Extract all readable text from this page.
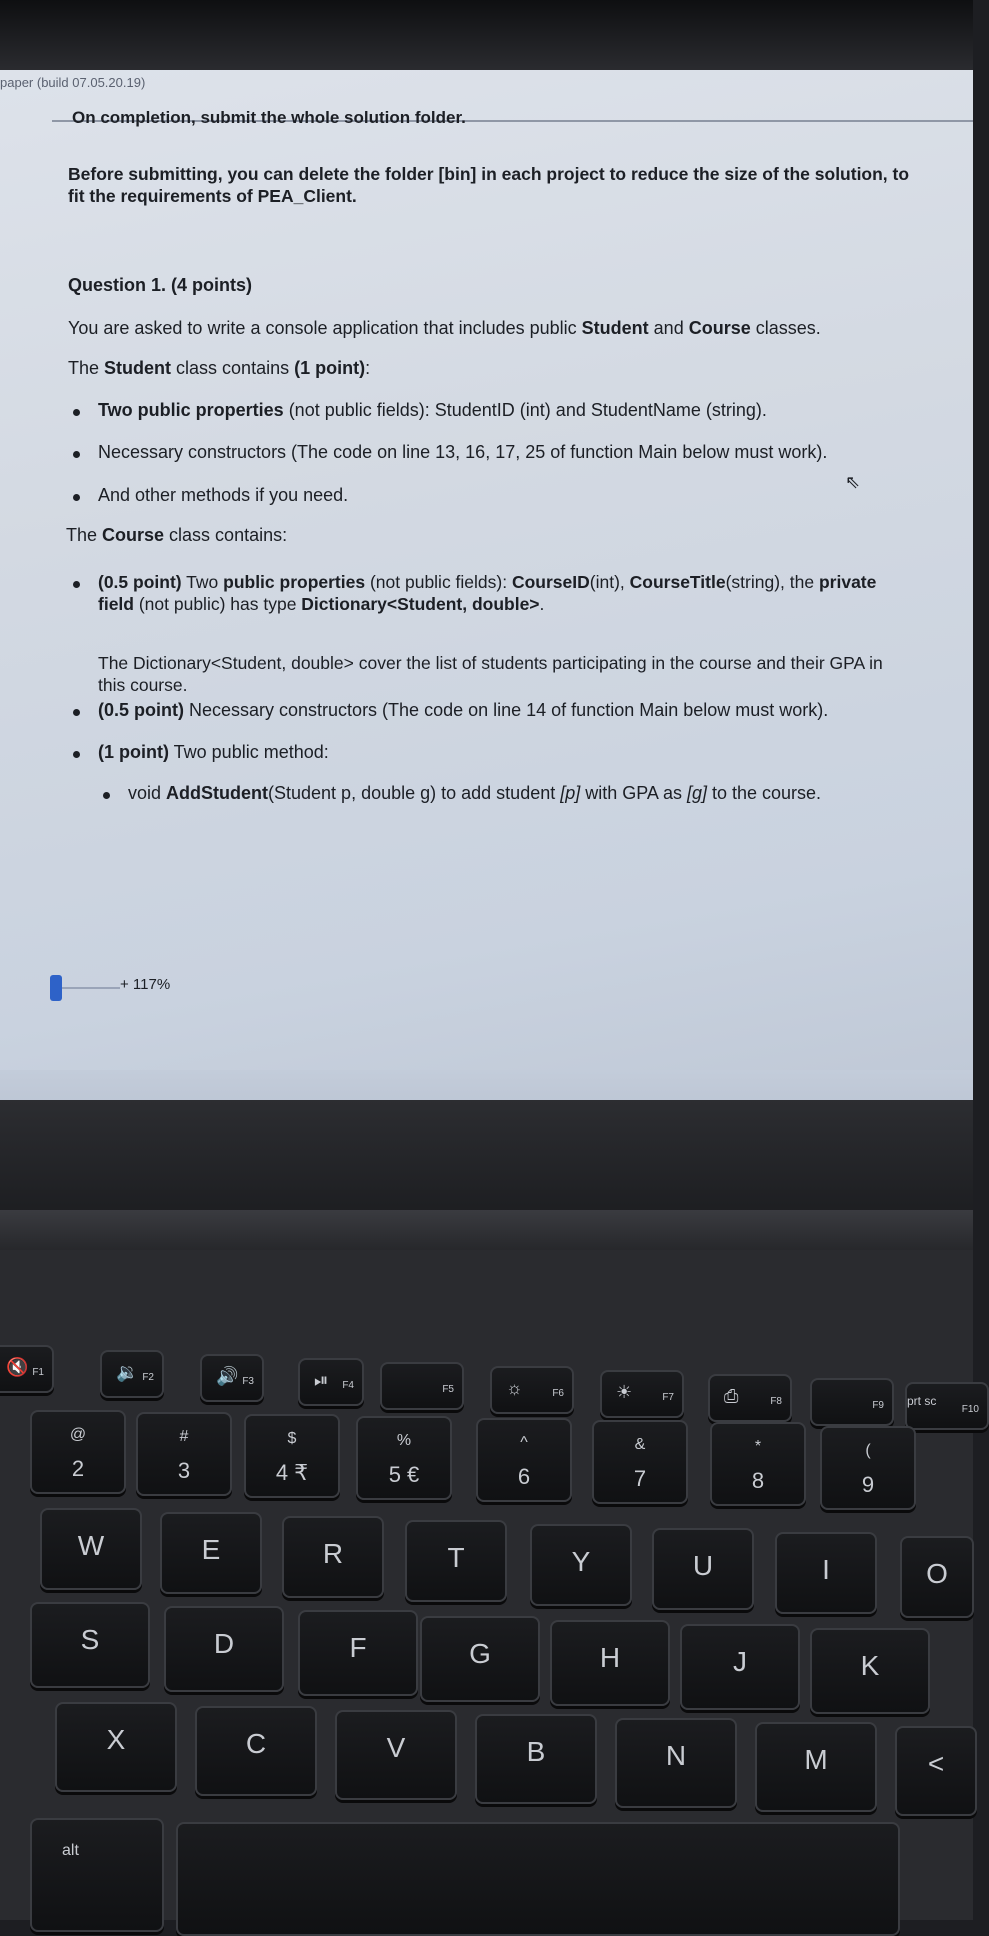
paper (build 07.05.20.19)
On completion, submit the whole solution folder.
Before submitting, you can delete the folder [bin] in each project to reduce the size of the solution, to
fit the requirements of PEA_Client.
Question 1. (4 points)
You are asked to write a console application that includes public Student and Course classes.
The Student class contains (1 point):
Two public properties (not public fields): StudentID (int) and StudentName (string).
Necessary constructors (The code on line 13, 16, 17, 25 of function Main below must work).
And other methods if you need.
⇖
The Course class contains:
(0.5 point) Two public properties (not public fields): CourseID(int), CourseTitle(string), the private
field (not public) has type Dictionary<Student, double>.
The Dictionary<Student, double> cover the list of students participating in the course and their GPA in
this course.
(0.5 point) Necessary constructors (The code on line 14 of function Main below must work).
(1 point) Two public method:
void AddStudent(Student p, double g) to add student [p] with GPA as [g] to the course.
+ 117%
🔇 F1	🔉 F2	🔊 F3	⏯ F4	F5	☼	F6	☀	F7	⎙	F8	F9 prt sc
F10
@
2
#
3
$
4 ₹
%
5 €
^
6
&
7
*
8
(
9
W	E	R	T	Y	U	I	O
S	D	F	G	H	J	K
X	C	V	B	N	M	<
alt
